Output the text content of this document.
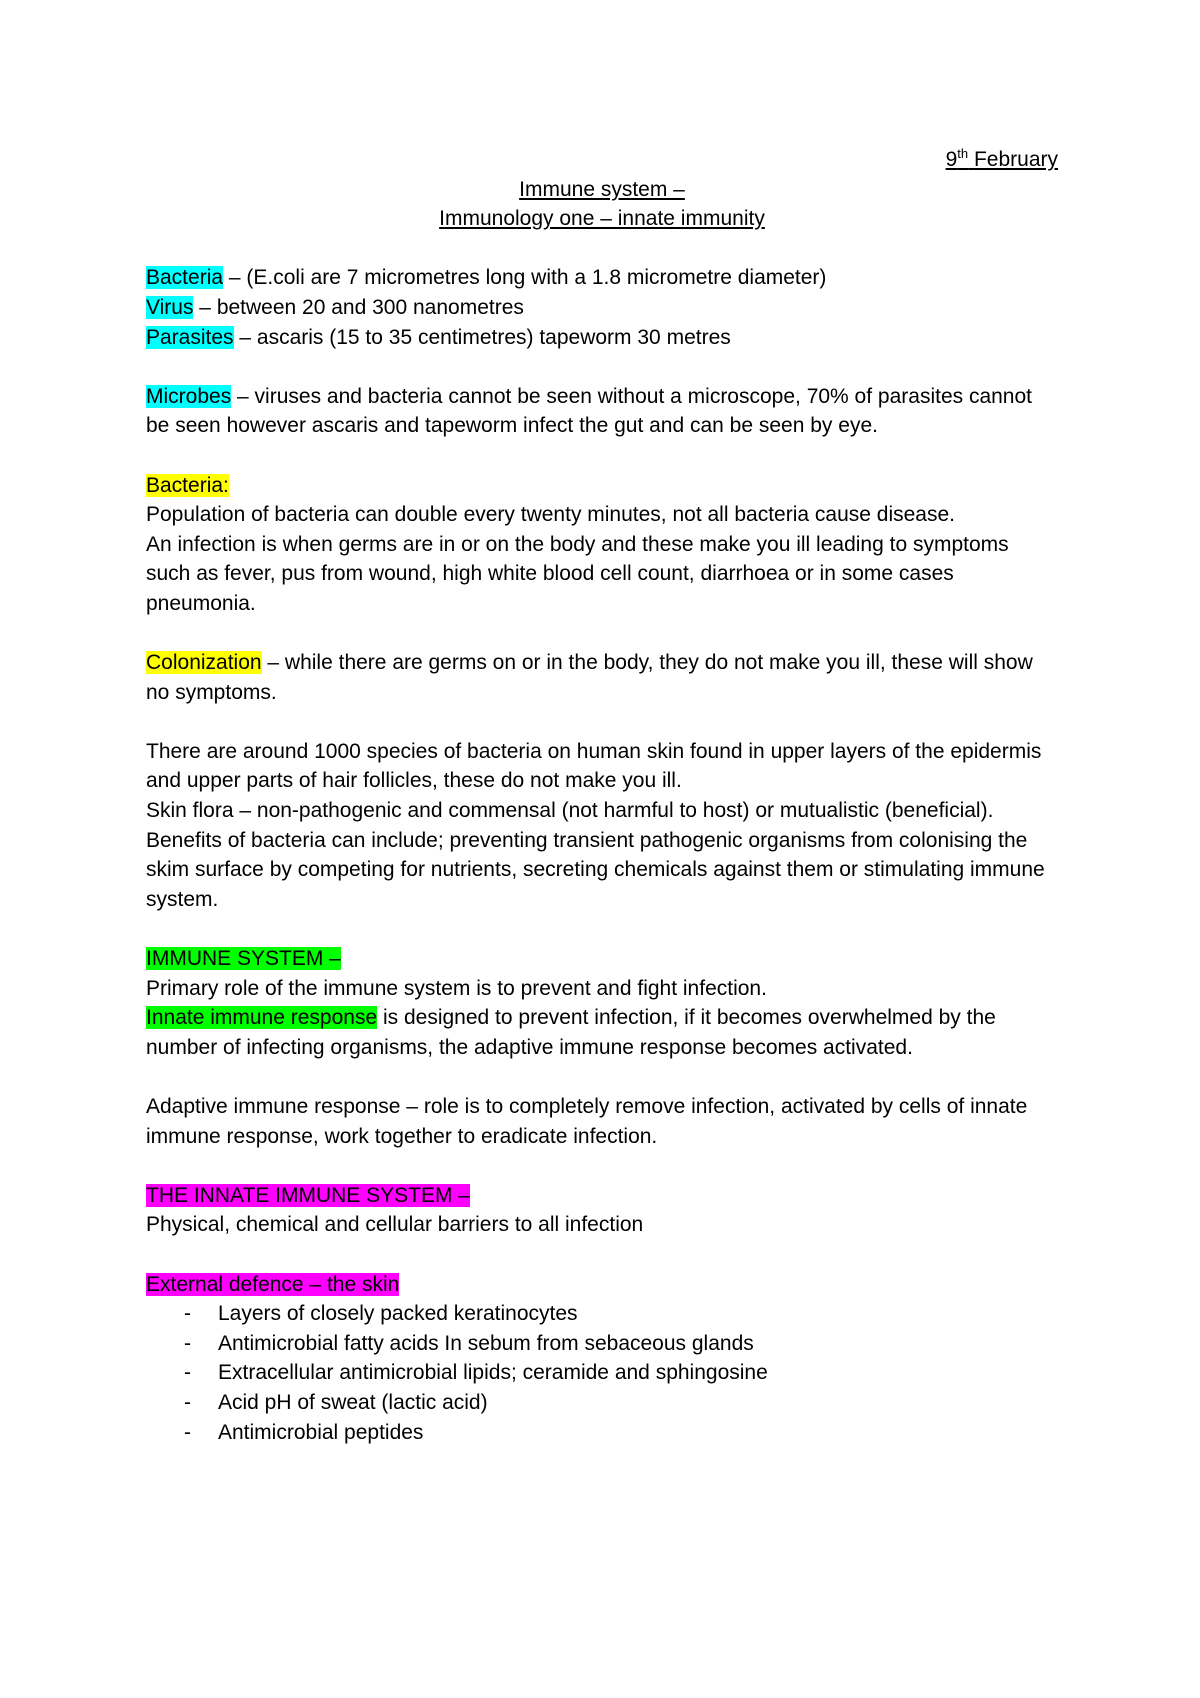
9th February
Immune system –
Immunology one – innate immunity
Bacteria – (E.coli are 7 micrometres long with a 1.8 micrometre diameter)
Virus – between 20 and 300 nanometres
Parasites – ascaris (15 to 35 centimetres) tapeworm 30 metres
Microbes – viruses and bacteria cannot be seen without a microscope, 70% of parasites cannot be seen however ascaris and tapeworm infect the gut and can be seen by eye.
Bacteria:
Population of bacteria can double every twenty minutes, not all bacteria cause disease.
An infection is when germs are in or on the body and these make you ill leading to symptoms such as fever, pus from wound, high white blood cell count, diarrhoea or in some cases pneumonia.
Colonization – while there are germs on or in the body, they do not make you ill, these will show no symptoms.
There are around 1000 species of bacteria on human skin found in upper layers of the epidermis and upper parts of hair follicles, these do not make you ill.
Skin flora – non-pathogenic and commensal (not harmful to host) or mutualistic (beneficial).
Benefits of bacteria can include; preventing transient pathogenic organisms from colonising the skim surface by competing for nutrients, secreting chemicals against them or stimulating immune system.
IMMUNE SYSTEM –
Primary role of the immune system is to prevent and fight infection.
Innate immune response is designed to prevent infection, if it becomes overwhelmed by the number of infecting organisms, the adaptive immune response becomes activated.
Adaptive immune response – role is to completely remove infection, activated by cells of innate immune response, work together to eradicate infection.
THE INNATE IMMUNE SYSTEM –
Physical, chemical and cellular barriers to all infection
External defence – the skin
- Layers of closely packed keratinocytes
- Antimicrobial fatty acids In sebum from sebaceous glands
- Extracellular antimicrobial lipids; ceramide and sphingosine
- Acid pH of sweat (lactic acid)
- Antimicrobial peptides
